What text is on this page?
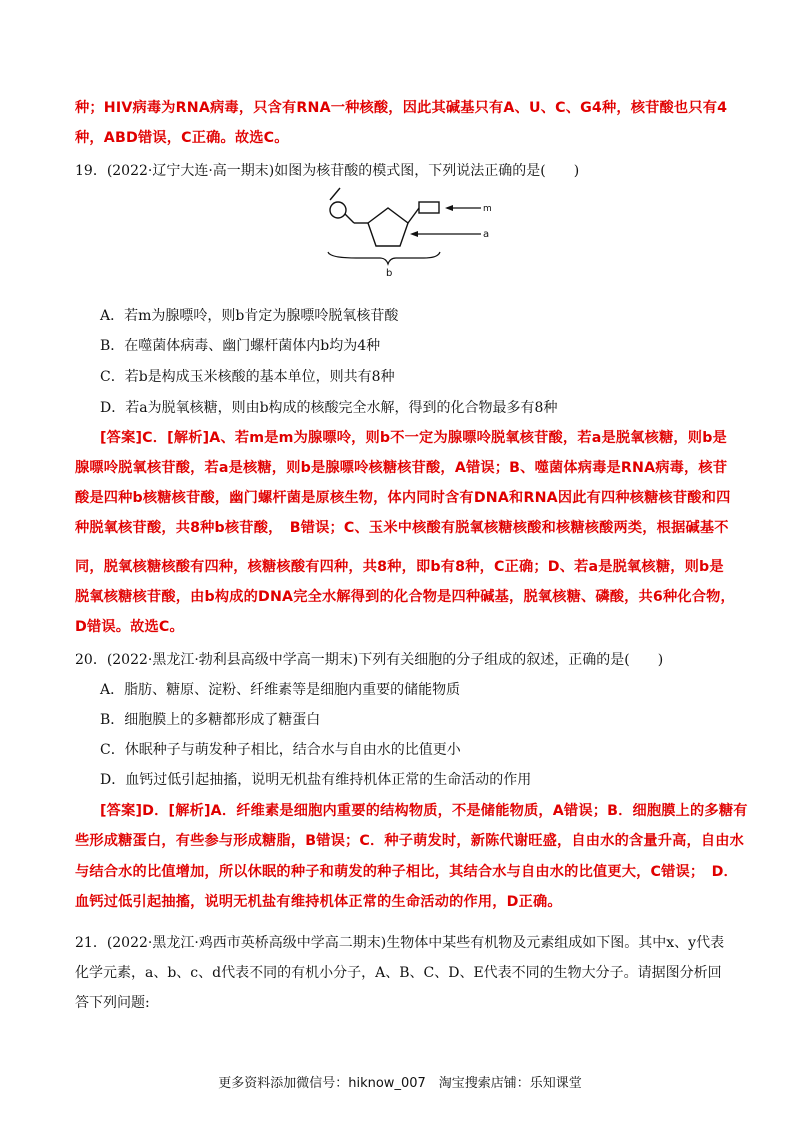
种；HIV病毒为RNA病毒，只含有RNA一种核酸，因此其碱基只有A、U、C、G4种，核苷酸也只有4
种，ABD错误，C正确。故选C。
19．(2022·辽宁大连·高一期末)如图为核苷酸的模式图，下列说法正确的是(　　)
m
a
b
A．若m为腺嘌呤，则b肯定为腺嘌呤脱氧核苷酸
B．在噬菌体病毒、幽门螺杆菌体内b均为4种
C．若b是构成玉米核酸的基本单位，则共有8种
D．若a为脱氧核糖，则由b构成的核酸完全水解，得到的化合物最多有8种
[答案]C．[解析]A、若m是m为腺嘌呤，则b不一定为腺嘌呤脱氧核苷酸，若a是脱氧核糖，则b是
腺嘌呤脱氧核苷酸，若a是核糖，则b是腺嘌呤核糖核苷酸，A错误；B、噬菌体病毒是RNA病毒，核苷
酸是四种b核糖核苷酸，幽门螺杆菌是原核生物，体内同时含有DNA和RNA因此有四种核糖核苷酸和四
种脱氧核苷酸，共8种b核苷酸，　B错误；C、玉米中核酸有脱氧核糖核酸和核糖核酸两类，根据碱基不
同，脱氧核糖核酸有四种，核糖核酸有四种，共8种，即b有8种，C正确；D、若a是脱氧核糖，则b是
脱氧核糖核苷酸，由b构成的DNA完全水解得到的化合物是四种碱基，脱氧核糖、磷酸，共6种化合物，
D错误。故选C。
20．(2022·黑龙江·勃利县高级中学高一期末)下列有关细胞的分子组成的叙述，正确的是(　　)
A．脂肪、糖原、淀粉、纤维素等是细胞内重要的储能物质
B．细胞膜上的多糖都形成了糖蛋白
C．休眠种子与萌发种子相比，结合水与自由水的比值更小
D．血钙过低引起抽搐，说明无机盐有维持机体正常的生命活动的作用
[答案]D．[解析]A．纤维素是细胞内重要的结构物质，不是储能物质，A错误；B．细胞膜上的多糖有
些形成糖蛋白，有些参与形成糖脂，B错误；C．种子萌发时，新陈代谢旺盛，自由水的含量升高，自由水
与结合水的比值增加，所以休眠的种子和萌发的种子相比，其结合水与自由水的比值更大，C错误；　D．
血钙过低引起抽搐，说明无机盐有维持机体正常的生命活动的作用，D正确。
21．(2022·黑龙江·鸡西市英桥高级中学高二期末)生物体中某些有机物及元素组成如下图。其中x、y代表
化学元素，a、b、c、d代表不同的有机小分子，A、B、C、D、E代表不同的生物大分子。请据图分析回
答下列问题:
更多资料添加微信号：hiknow_007　淘宝搜索店铺：乐知课堂
